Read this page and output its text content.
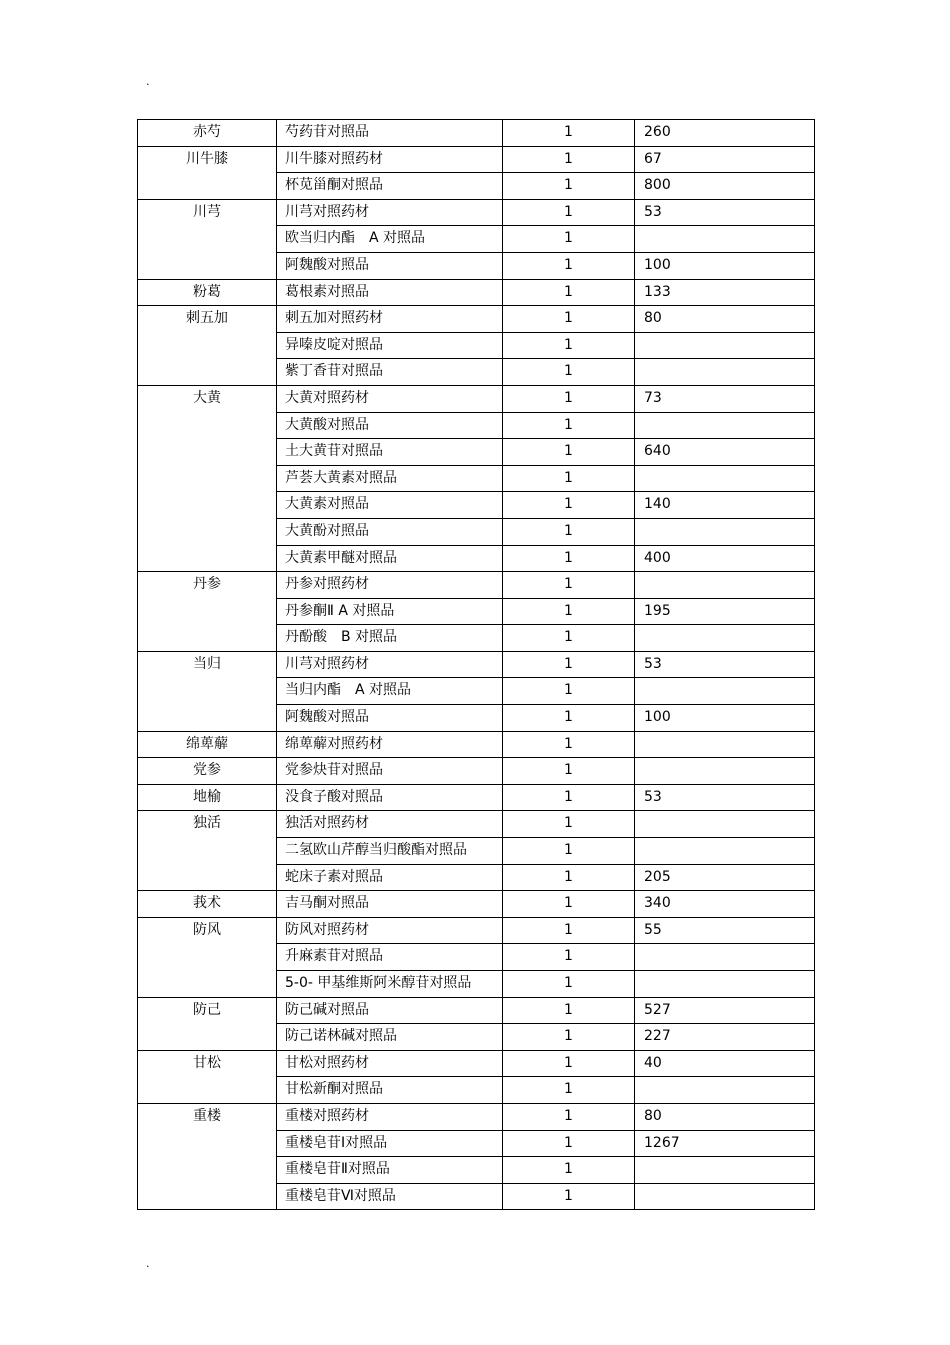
.
赤芍	芍药苷对照品	1	260
川牛膝	川牛膝对照药材	1	67
	杯苋甾酮对照品	1	800
川芎	川芎对照药材	1	53
	欧当归内酯　A 对照品	1	
	阿魏酸对照品	1	100
粉葛	葛根素对照品	1	133
刺五加	刺五加对照药材	1	80
	异嗪皮啶对照品	1	
	紫丁香苷对照品	1	
大黄	大黄对照药材	1	73
	大黄酸对照品	1	
	土大黄苷对照品	1	640
	芦荟大黄素对照品	1	
	大黄素对照品	1	140
	大黄酚对照品	1	
	大黄素甲醚对照品	1	400
丹参	丹参对照药材	1	
	丹参酮Ⅱ A 对照品	1	195
	丹酚酸　B 对照品	1	
当归	川芎对照药材	1	53
	当归内酯　A 对照品	1	
	阿魏酸对照品	1	100
绵萆薢	绵萆薢对照药材	1	
党参	党参炔苷对照品	1	
地榆	没食子酸对照品	1	53
独活	独活对照药材	1	
	二氢欧山芹醇当归酸酯对照品	1	
	蛇床子素对照品	1	205
莪术	吉马酮对照品	1	340
防风	防风对照药材	1	55
	升麻素苷对照品	1	
	5-0- 甲基维斯阿米醇苷对照品	1	
防己	防己碱对照品	1	527
	防己诺林碱对照品	1	227
甘松	甘松对照药材	1	40
	甘松新酮对照品	1	
重楼	重楼对照药材	1	80
	重楼皂苷Ⅰ对照品	1	1267
	重楼皂苷Ⅱ对照品	1	
	重楼皂苷Ⅵ对照品	1	
.
